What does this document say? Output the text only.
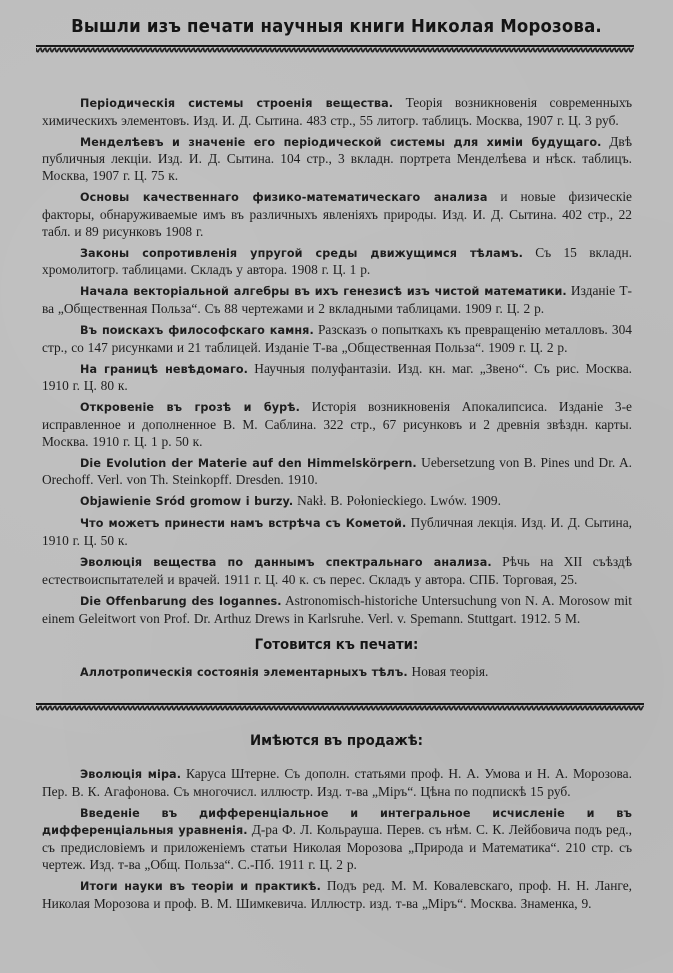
Вышли изъ печати научныя книги Николая Морозова.

Періодическія системы строенія вещества. Теорія возникновенія современныхъ химическихъ элементовъ. Изд. И. Д. Сытина. 483 стр., 55 литогр. таблицъ. Москва, 1907 г. Ц. 3 руб.

Менделѣевъ и значеніе его періодической системы для химіи будущаго. Двѣ публичныя лекціи. Изд. И. Д. Сытина. 104 стр., 3 вкладн. портрета Менделѣева и нѣск. таблицъ. Москва, 1907 г. Ц. 75 к.

Основы качественнаго физико-математическаго анализа и новые физическіе факторы, обнаруживаемые имъ въ различныхъ явленіяхъ природы. Изд. И. Д. Сытина. 402 стр., 22 табл. и 89 рисунковъ 1908 г.

Законы сопротивленія упругой среды движущимся тѣламъ. Съ 15 вкладн. хромолитогр. таблицами. Складъ у автора. 1908 г. Ц. 1 р.

Начала векторіальной алгебры въ ихъ генезисѣ изъ чистой математики. Изданіе Т-ва „Общественная Польза“. Съ 88 чертежами и 2 вкладными таблицами. 1909 г. Ц. 2 р.

Въ поискахъ философскаго камня. Разсказъ о попыткахъ къ превращенію металловъ. 304 стр., со 147 рисунками и 21 таблицей. Изданіе Т-ва „Общественная Польза“. 1909 г. Ц. 2 р.

На границѣ невѣдомаго. Научныя полуфантазіи. Изд. кн. маг. „Звено“. Съ рис. Москва. 1910 г. Ц. 80 к.

Откровеніе въ грозѣ и бурѣ. Исторія возникновенія Апокалипсиса. Изданіе 3-е исправленное и дополненное В. М. Саблина. 322 стр., 67 рисунковъ и 2 древнія звѣздн. карты. Москва. 1910 г. Ц. 1 р. 50 к.

Die Evolution der Materie auf den Himmelskörpern. Uebersetzung von B. Pines und Dr. A. Orechoff. Verl. von Th. Steinkopff. Dresden. 1910.

Objawienie Sród gromow i burzy. Nakł. B. Połonieckiego. Lwów. 1909.

Что можетъ принести намъ встрѣча съ Кометой. Публичная лекція. Изд. И. Д. Сытина, 1910 г. Ц. 50 к.

Эволюція вещества по даннымъ спектральнаго анализа. Рѣчь на XII съѣздѣ естествоиспытателей и врачей. 1911 г. Ц. 40 к. съ перес. Складъ у автора. СПБ. Торговая, 25.

Die Offenbarung des Iogannes. Astronomisch-historiche Untersuchung von N. A. Morosow mit einem Geleitwort von Prof. Dr. Arthuz Drews in Karlsruhe. Verl. v. Spemann. Stuttgart. 1912. 5 M.

Готовится къ печати:

Аллотропическія состоянія элементарныхъ тѣлъ. Новая теорія.

Имѣются въ продажѣ:

Эволюція міра. Каруса Штерне. Съ дополн. статьями проф. Н. А. Умова и Н. А. Морозова. Пер. В. К. Агафонова. Съ многочисл. иллюстр. Изд. т-ва „Міръ“. Цѣна по подпискѣ 15 руб.

Введеніе въ дифференціальное и интегральное исчисленіе и въ дифференціальныя уравненія. Д-ра Ф. Л. Кольрауша. Перев. съ нѣм. С. К. Лейбовича подъ ред., съ предисловіемъ и приложеніемъ статьи Николая Морозова „Природа и Математика“. 210 стр. съ чертеж. Изд. т-ва „Общ. Польза“. С.-Пб. 1911 г. Ц. 2 р.

Итоги науки въ теоріи и практикѣ. Подъ ред. М. М. Ковалевскаго, проф. Н. Н. Ланге, Николая Морозова и проф. В. М. Шимкевича. Иллюстр. изд. т-ва „Міръ“. Москва. Знаменка, 9.
